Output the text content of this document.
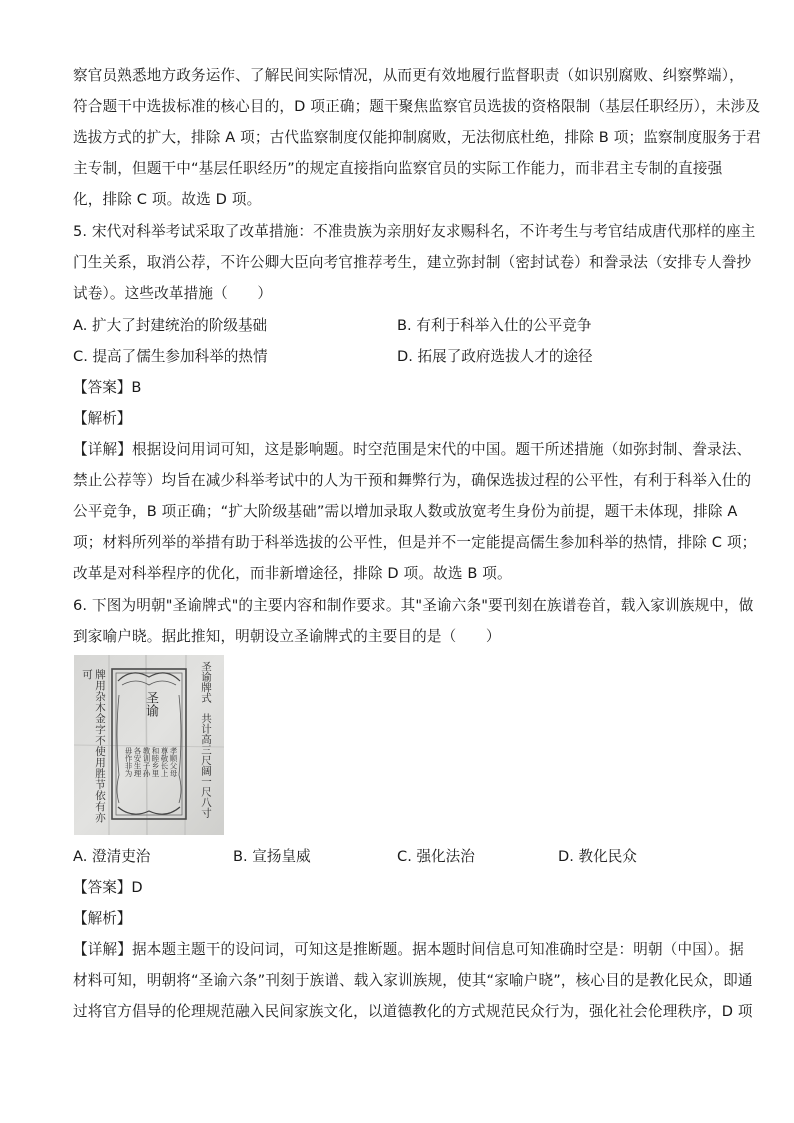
察官员熟悉地方政务运作、了解民间实际情况，从而更有效地履行监督职责（如识别腐败、纠察弊端），
符合题干中选拔标准的核心目的，D 项正确；题干聚焦监察官员选拔的资格限制（基层任职经历），未涉及
选拔方式的扩大，排除 A 项；古代监察制度仅能抑制腐败，无法彻底杜绝，排除 B 项；监察制度服务于君
主专制，但题干中“基层任职经历”的规定直接指向监察官员的实际工作能力，而非君主专制的直接强
化，排除 C 项。故选 D 项。
5. 宋代对科举考试采取了改革措施：不准贵族为亲朋好友求赐科名，不许考生与考官结成唐代那样的座主
门生关系，取消公荐，不许公卿大臣向考官推荐考生，建立弥封制（密封试卷）和誊录法（安排专人誊抄
试卷）。这些改革措施（　　）
A. 扩大了封建统治的阶级基础	B. 有利于科举入仕的公平竞争
C. 提高了儒生参加科举的热情	D. 拓展了政府选拔人才的途径
【答案】B
【解析】
【详解】根据设问用词可知，这是影响题。时空范围是宋代的中国。题干所述措施（如弥封制、誊录法、
禁止公荐等）均旨在减少科举考试中的人为干预和舞弊行为，确保选拔过程的公平性，有利于科举入仕的
公平竞争，B 项正确；“扩大阶级基础”需以增加录取人数或放宽考生身份为前提，题干未体现，排除 A
项；材料所列举的举措有助于科举选拔的公平性，但是并不一定能提高儒生参加科举的热情，排除 C 项；
改革是对科举程序的优化，而非新增途径，排除 D 项。故选 B 项。
6. 下图为明朝"圣谕牌式"的主要内容和制作要求。其"圣谕六条"要刊刻在族谱卷首，载入家训族规中，做
到家喻户晓。据此推知，明朝设立圣谕牌式的主要目的是（　　）
牌用杂木金字不使用胜节依有亦可	圣谕牌式
共计高三尺阔一尺八寸
圣谕
毋作非为 各安生理 教训子孙 和睦乡里 尊敬长上 孝顺父母
A. 澄清吏治	B. 宣扬皇威	C. 强化法治	D. 教化民众
【答案】D
【解析】
【详解】据本题主题干的设问词，可知这是推断题。据本题时间信息可知准确时空是：明朝（中国）。据
材料可知，明朝将“圣谕六条”刊刻于族谱、载入家训族规，使其“家喻户晓”，核心目的是教化民众，即通
过将官方倡导的伦理规范融入民间家族文化，以道德教化的方式规范民众行为，强化社会伦理秩序，D 项
